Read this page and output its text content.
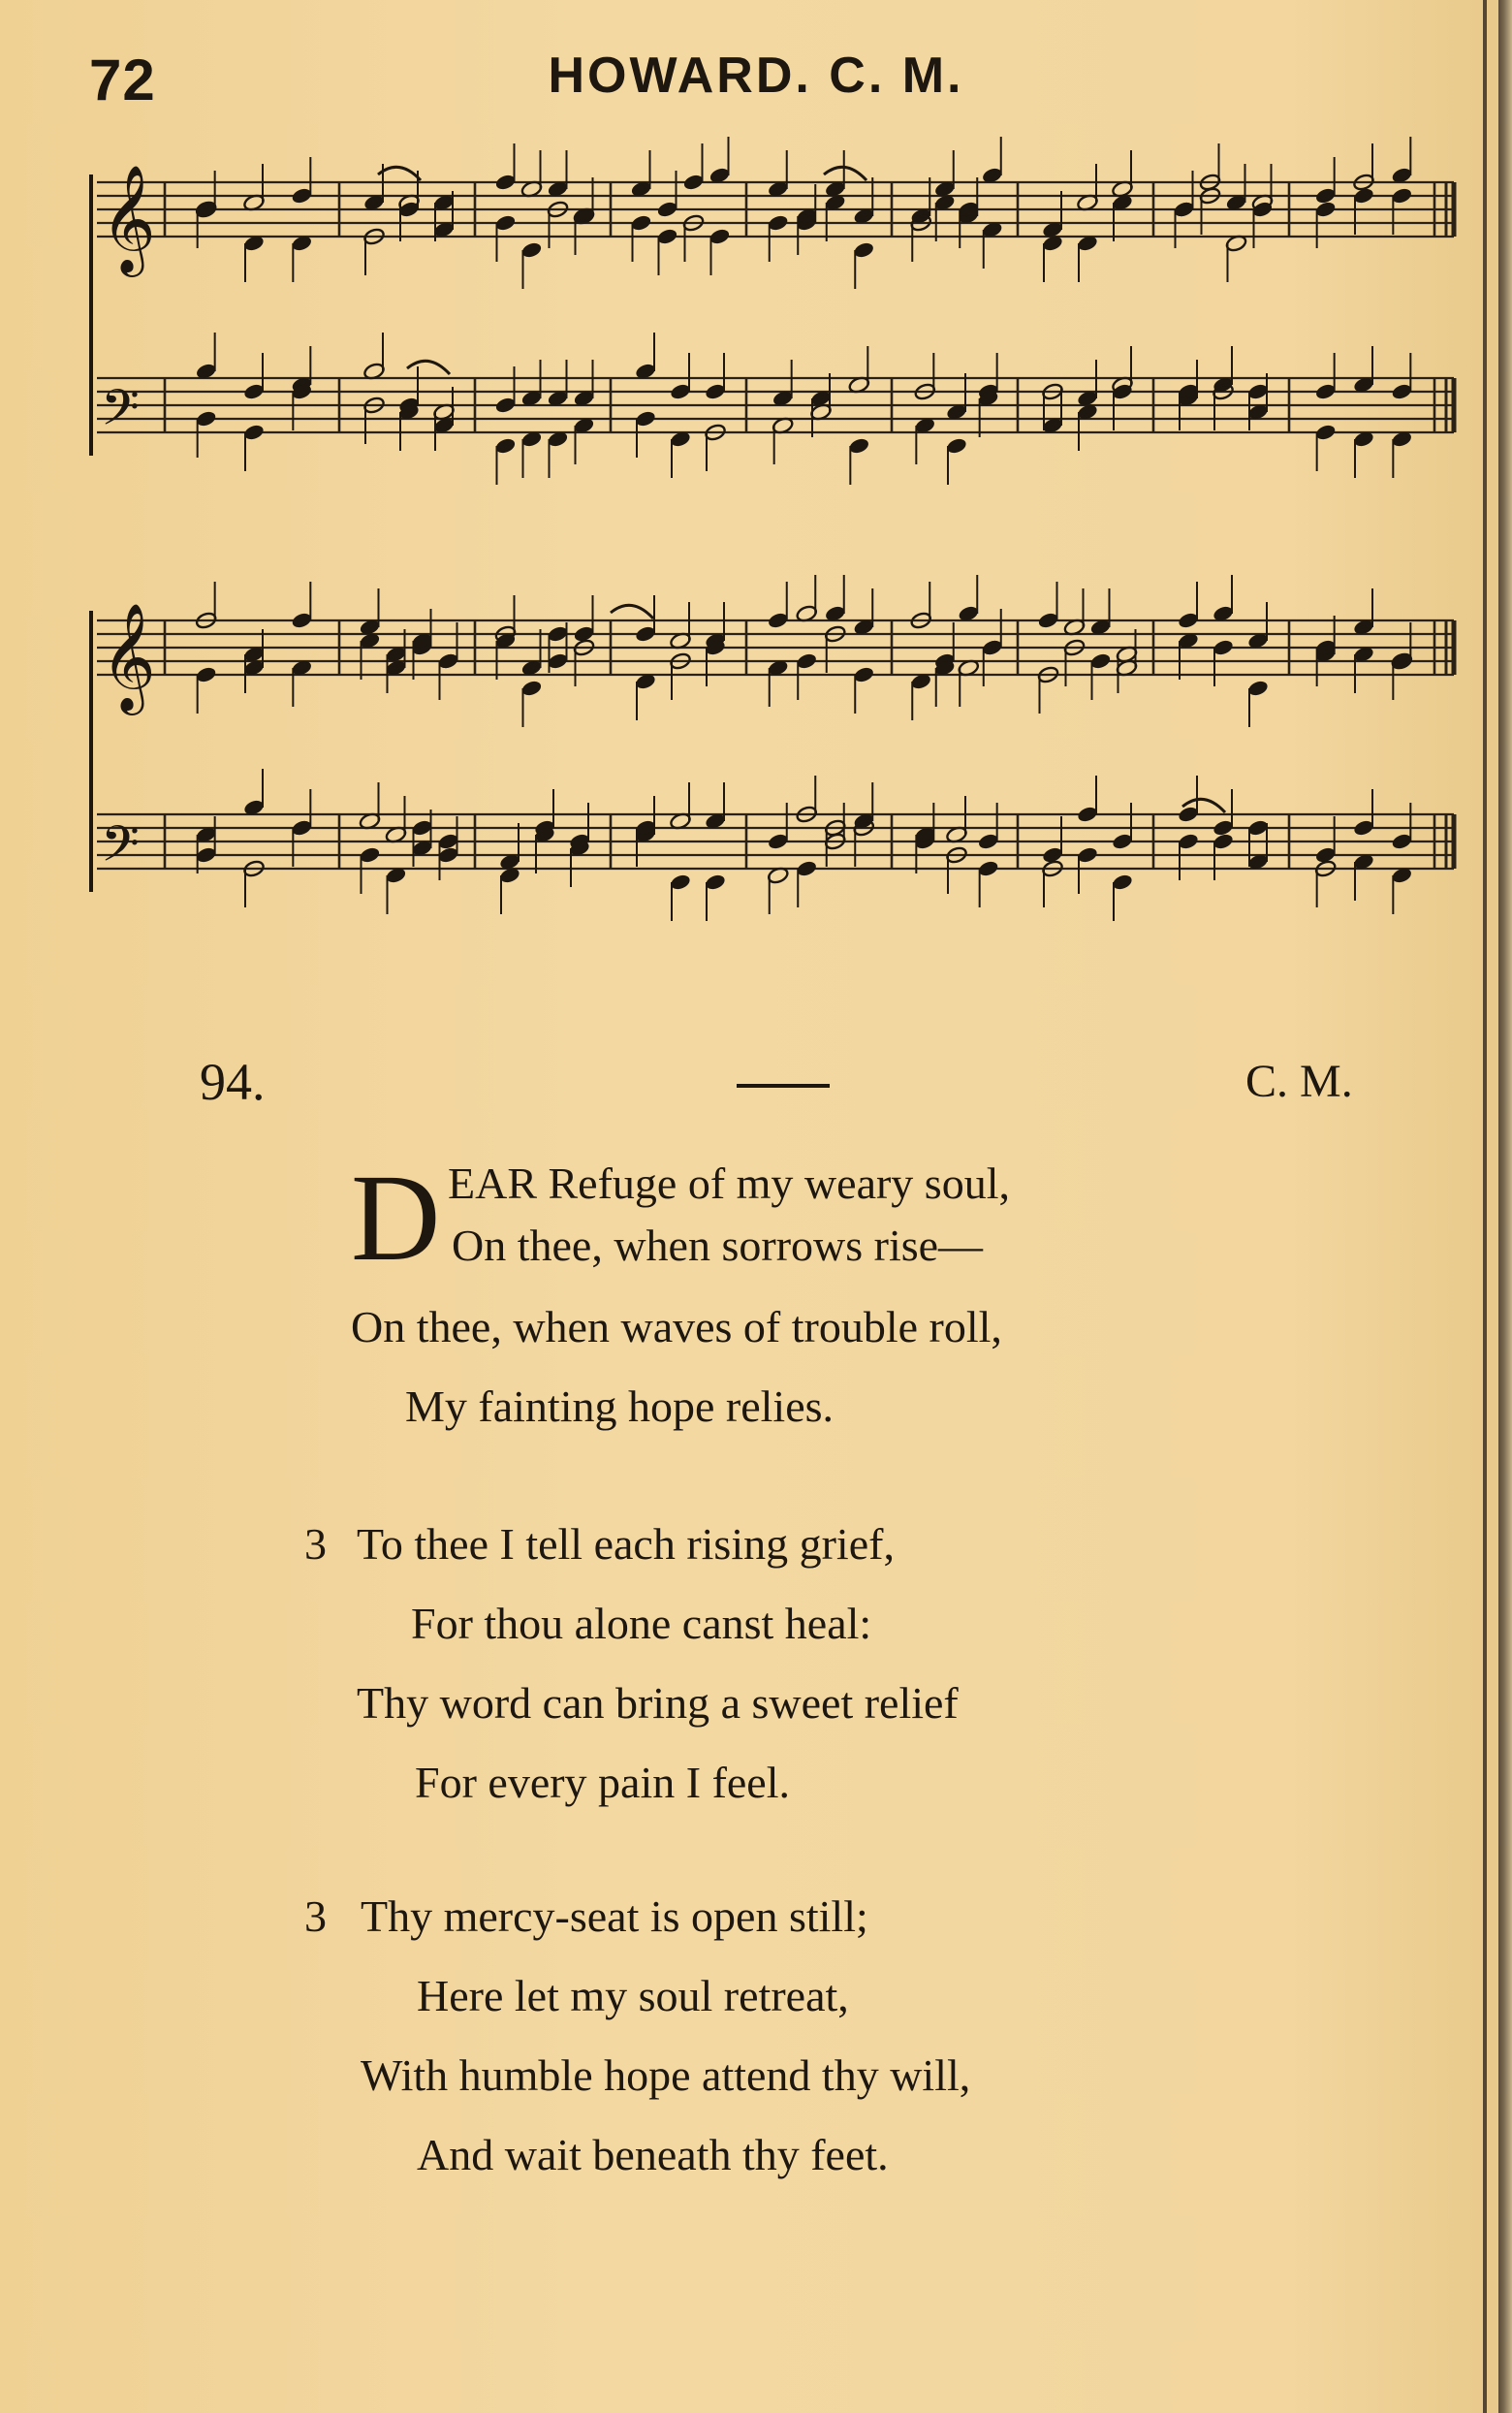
72	HOWARD. C. M.
𝄞
𝄢
𝄞
𝄢
94.	C. M.
D EAR Refuge of my weary soul,
On thee, when sorrows rise—
On thee, when waves of trouble roll,
My fainting hope relies.
3 To thee I tell each rising grief,
For thou alone canst heal:
Thy word can bring a sweet relief
For every pain I feel.
3 Thy mercy-seat is open still;
Here let my soul retreat,
With humble hope attend thy will,
And wait beneath thy feet.
